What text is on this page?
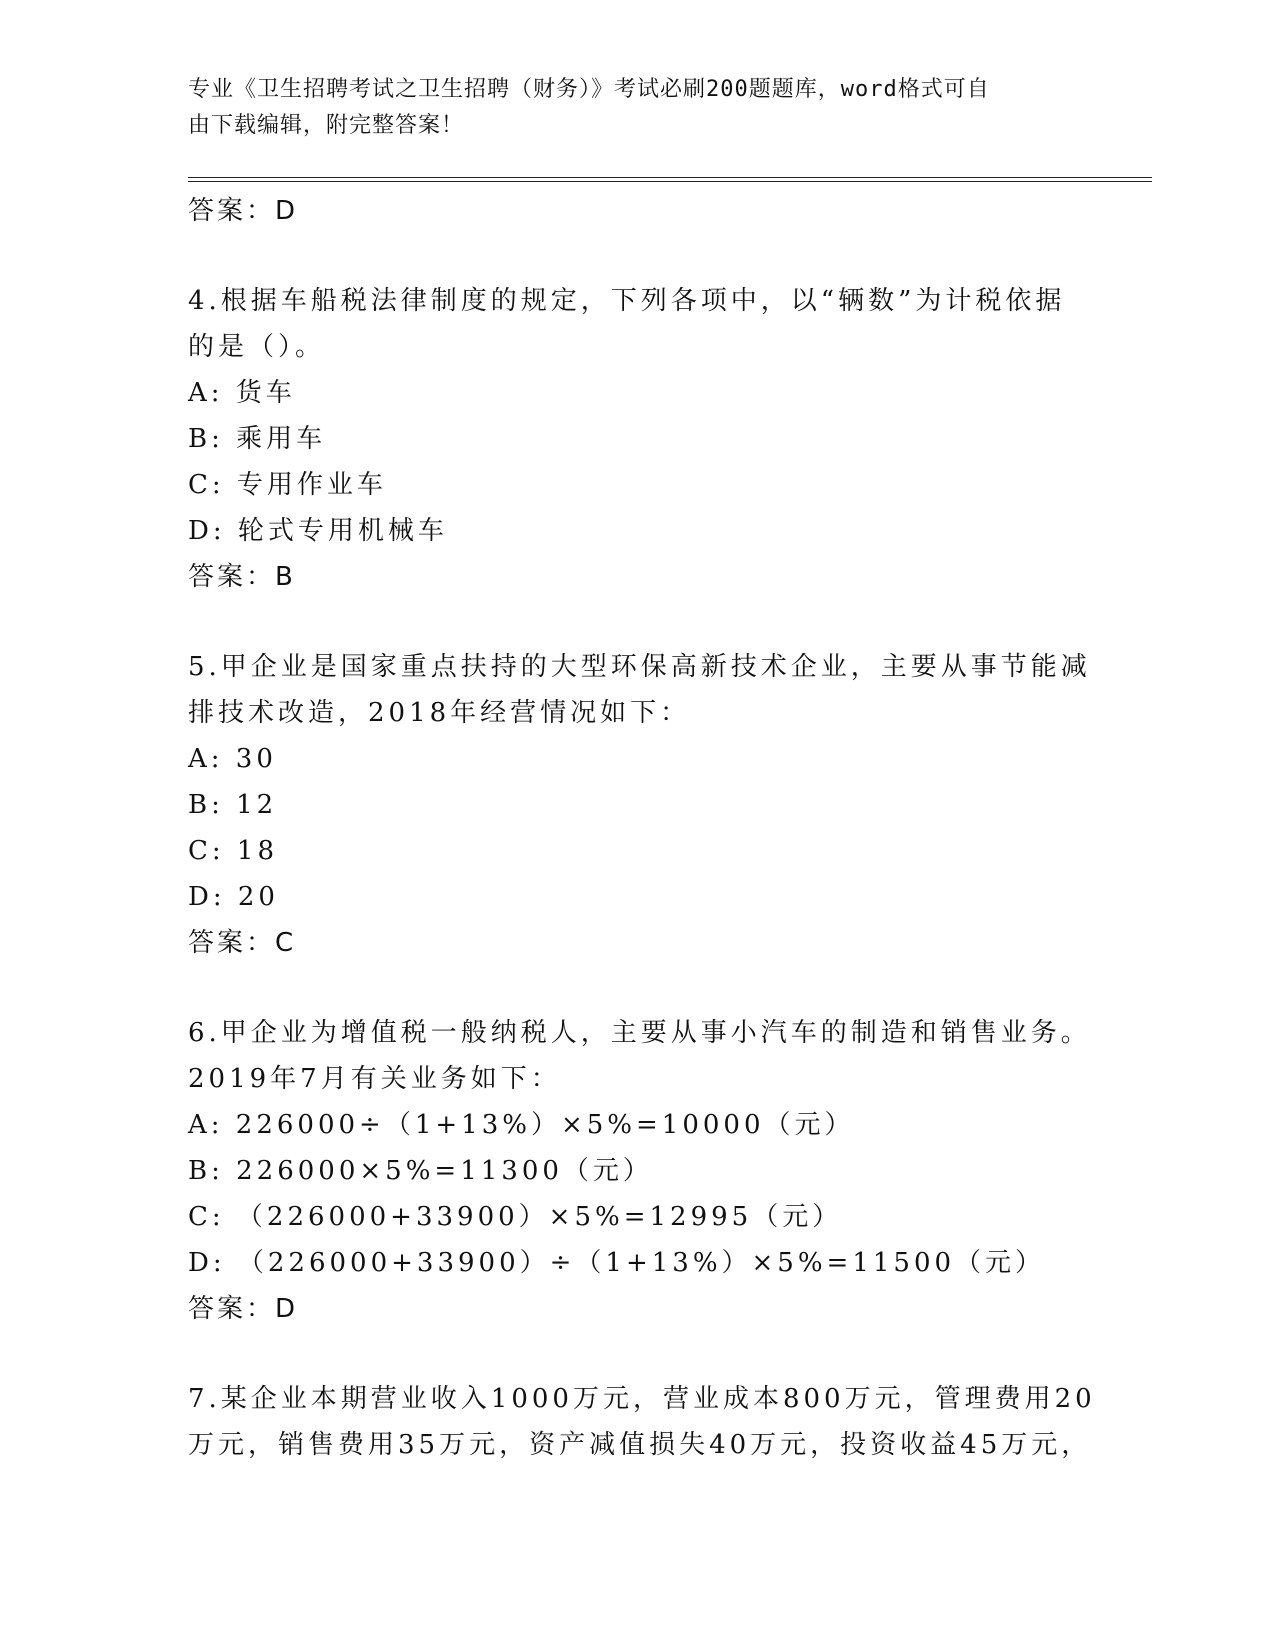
专业《卫生招聘考试之卫生招聘（财务）》考试必刷200题题库，word格式可自
由下载编辑，附完整答案！
答案：D
4.根据车船税法律制度的规定，下列各项中，以“辆数”为计税依据
的是（）。
A: 货车
B: 乘用车
C: 专用作业车
D: 轮式专用机械车
答案：B
5.甲企业是国家重点扶持的大型环保高新技术企业，主要从事节能减
排技术改造，2018年经营情况如下：
A: 30
B: 12
C: 18
D: 20
答案：C
6.甲企业为增值税一般纳税人，主要从事小汽车的制造和销售业务。
2019年7月有关业务如下：
A: 226000÷（1+13%）×5%=10000（元）
B: 226000×5%=11300（元）
C: （226000+33900）×5%=12995（元）
D: （226000+33900）÷（1+13%）×5%=11500（元）
答案：D
7.某企业本期营业收入1000万元，营业成本800万元，管理费用20
万元，销售费用35万元，资产减值损失40万元，投资收益45万元，
